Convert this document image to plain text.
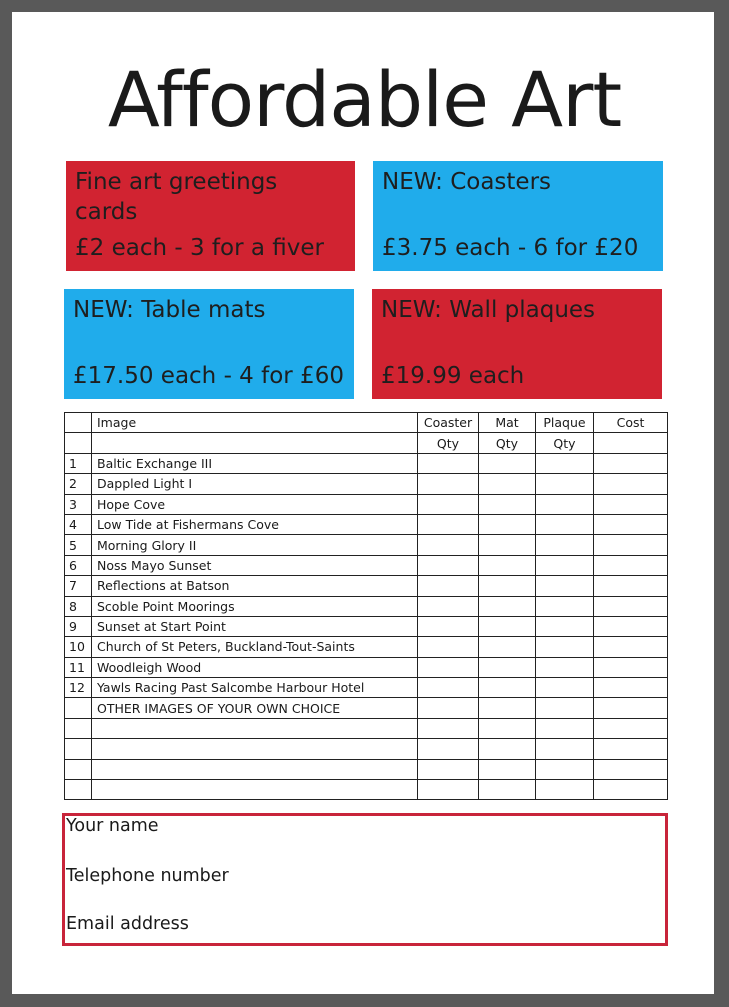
Affordable Art
Fine art greetings cards
£2 each - 3 for a fiver
NEW: Coasters
£3.75 each - 6 for £20
NEW: Table mats
£17.50 each - 4 for £60
NEW: Wall plaques
£19.99 each
	Image	Coaster	Mat	Plaque	Cost
		Qty	Qty	Qty	
1	Baltic Exchange III				
2	Dappled Light I				
3	Hope Cove				
4	Low Tide at Fishermans Cove				
5	Morning Glory II				
6	Noss Mayo Sunset				
7	Reflections at Batson				
8	Scoble Point Moorings				
9	Sunset at Start Point				
10	Church of St Peters, Buckland-Tout-Saints				
11	Woodleigh Wood				
12	Yawls Racing Past Salcombe Harbour Hotel				
	OTHER IMAGES OF YOUR OWN CHOICE				

Your name
Telephone number
Email address
